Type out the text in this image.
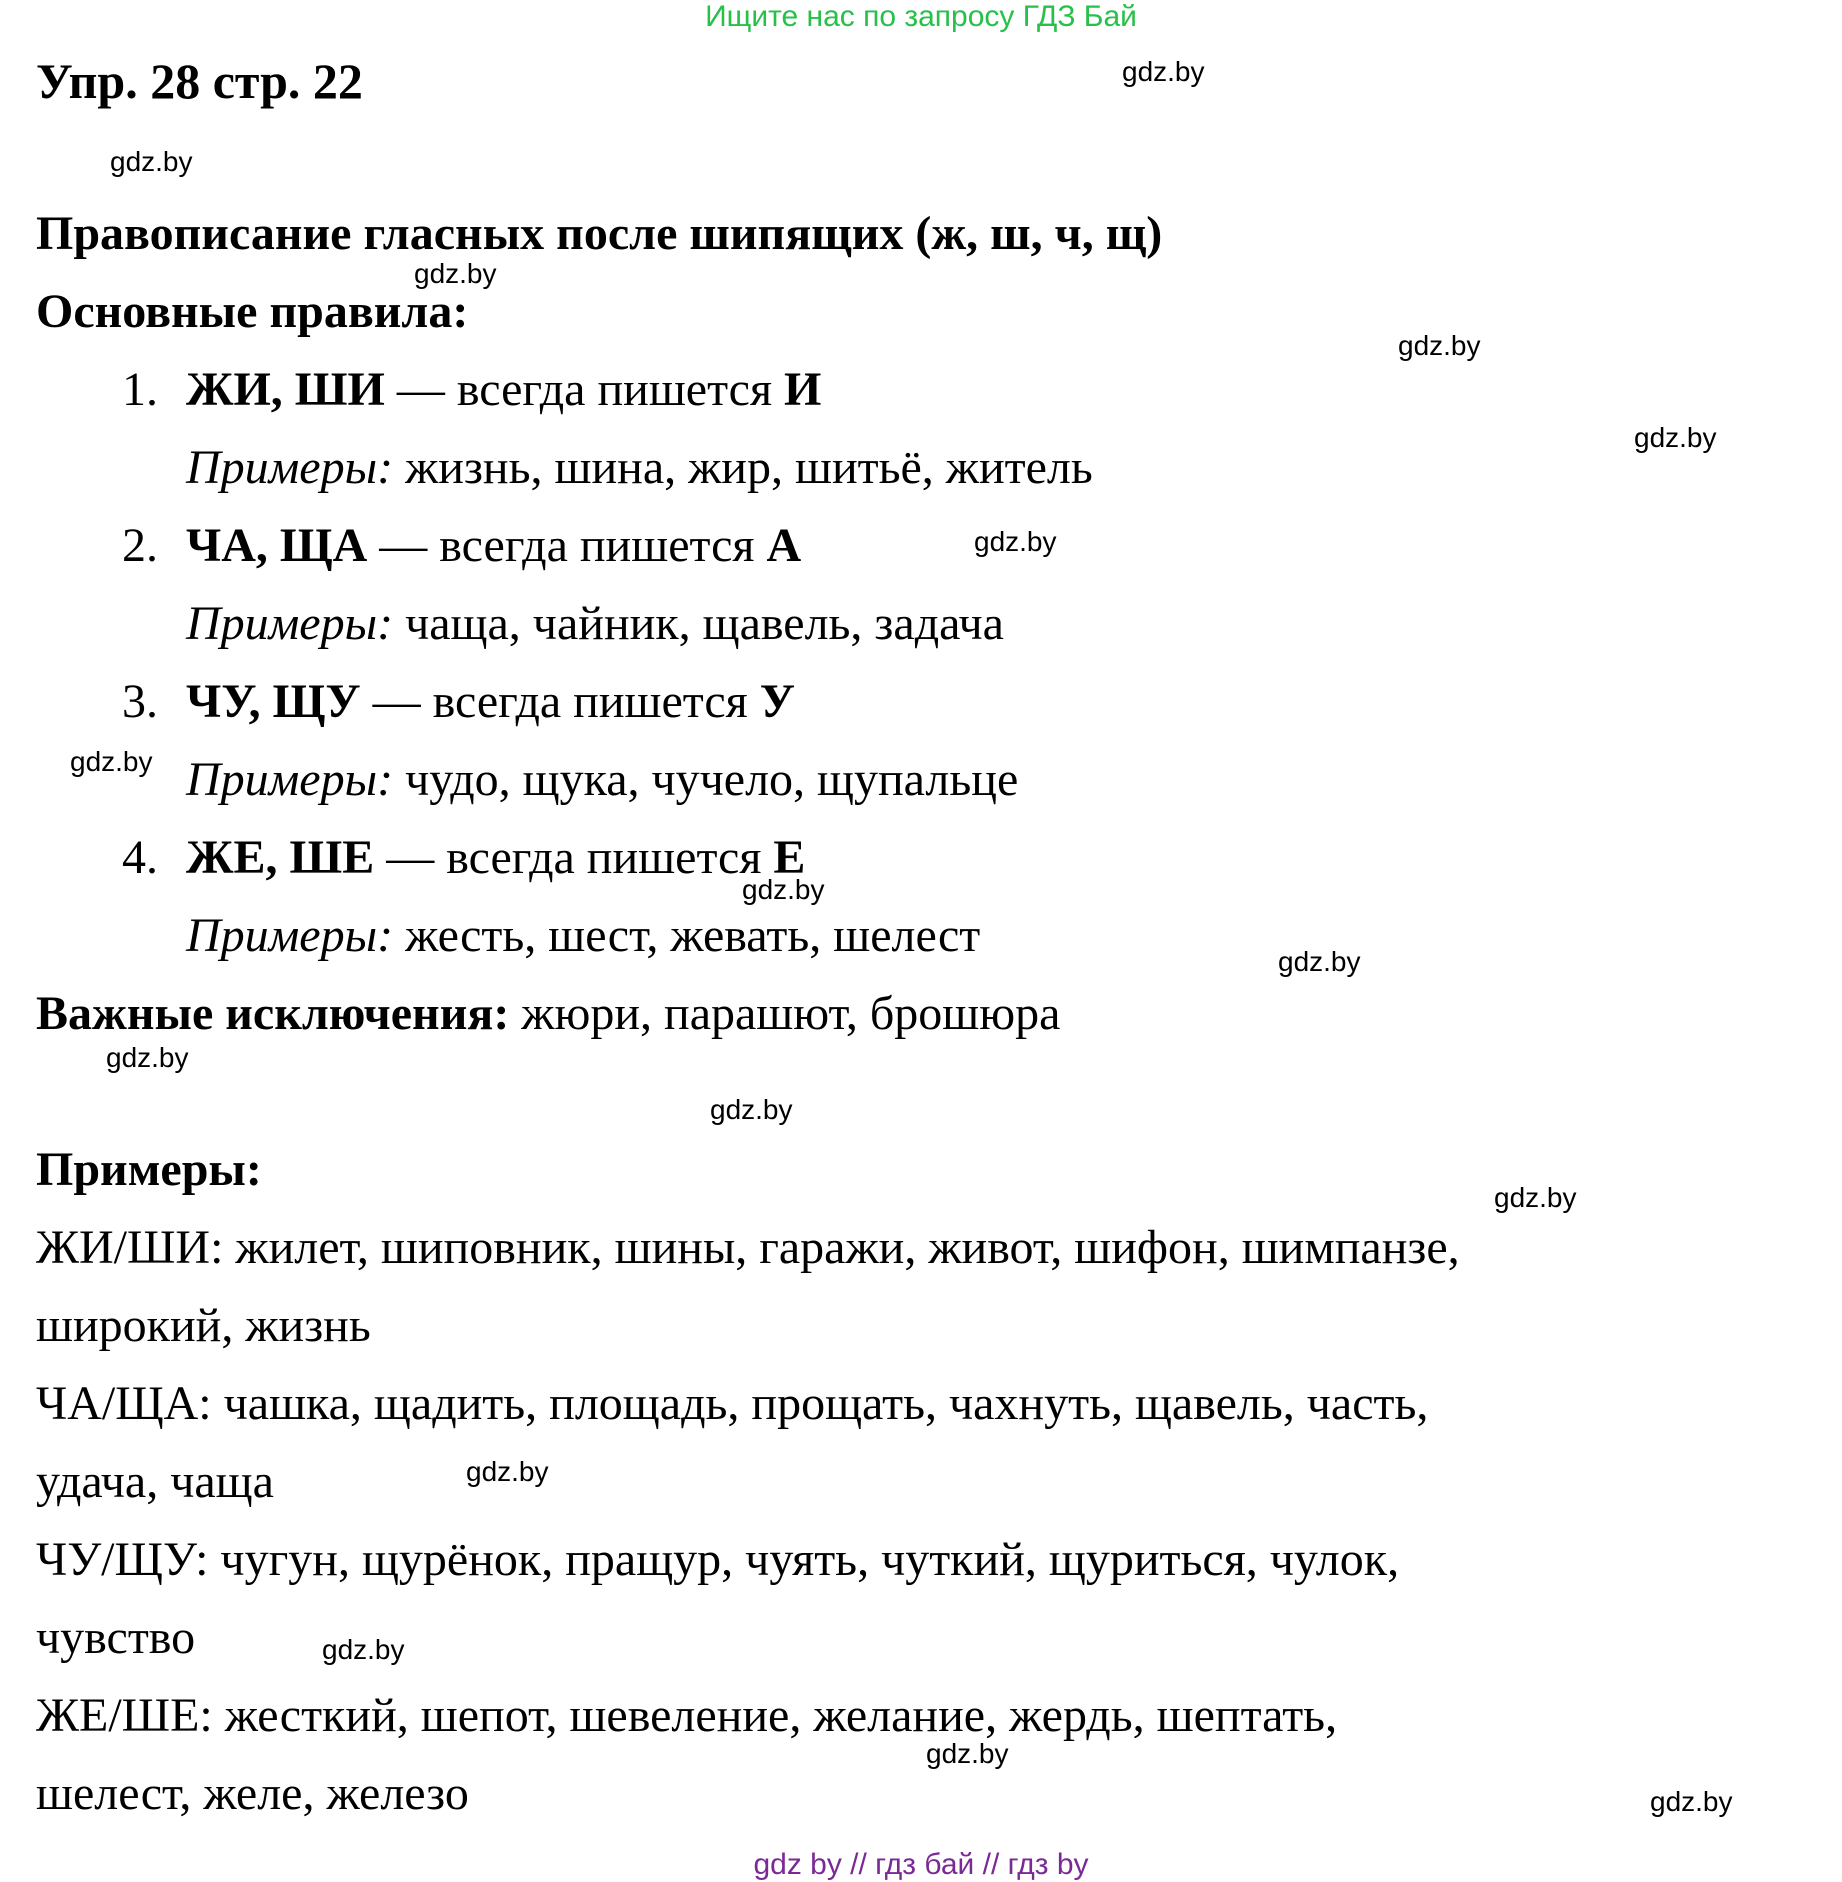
Ищите нас по запросу ГДЗ Бай
Упр. 28 стр. 22
Правописание гласных после шипящих (ж, ш, ч, щ)
Основные правила:
1. ЖИ, ШИ — всегда пишется И
Примеры: жизнь, шина, жир, шитьё, житель
2. ЧА, ЩА — всегда пишется А
Примеры: чаща, чайник, щавель, задача
3. ЧУ, ЩУ — всегда пишется У
Примеры: чудо, щука, чучело, щупальце
4. ЖЕ, ШЕ — всегда пишется Е
Примеры: жесть, шест, жевать, шелест
Важные исключения: жюри, парашют, брошюра
Примеры:
ЖИ/ШИ: жилет, шиповник, шины, гаражи, живот, шифон, шимпанзе,
широкий, жизнь
ЧА/ЩА: чашка, щадить, площадь, прощать, чахнуть, щавель, часть,
удача, чаща
ЧУ/ЩУ: чугун, щурёнок, пращур, чуять, чуткий, щуриться, чулок,
чувство
ЖЕ/ШЕ: жесткий, шепот, шевеление, желание, жердь, шептать,
шелест, желе, железо
gdz.by
gdz.by
gdz.by
gdz.by
gdz.by
gdz.by
gdz.by
gdz.by
gdz.by
gdz.by
gdz.by
gdz.by
gdz.by
gdz.by
gdz.by
gdz.by
gdz by // гдз бай // гдз by
